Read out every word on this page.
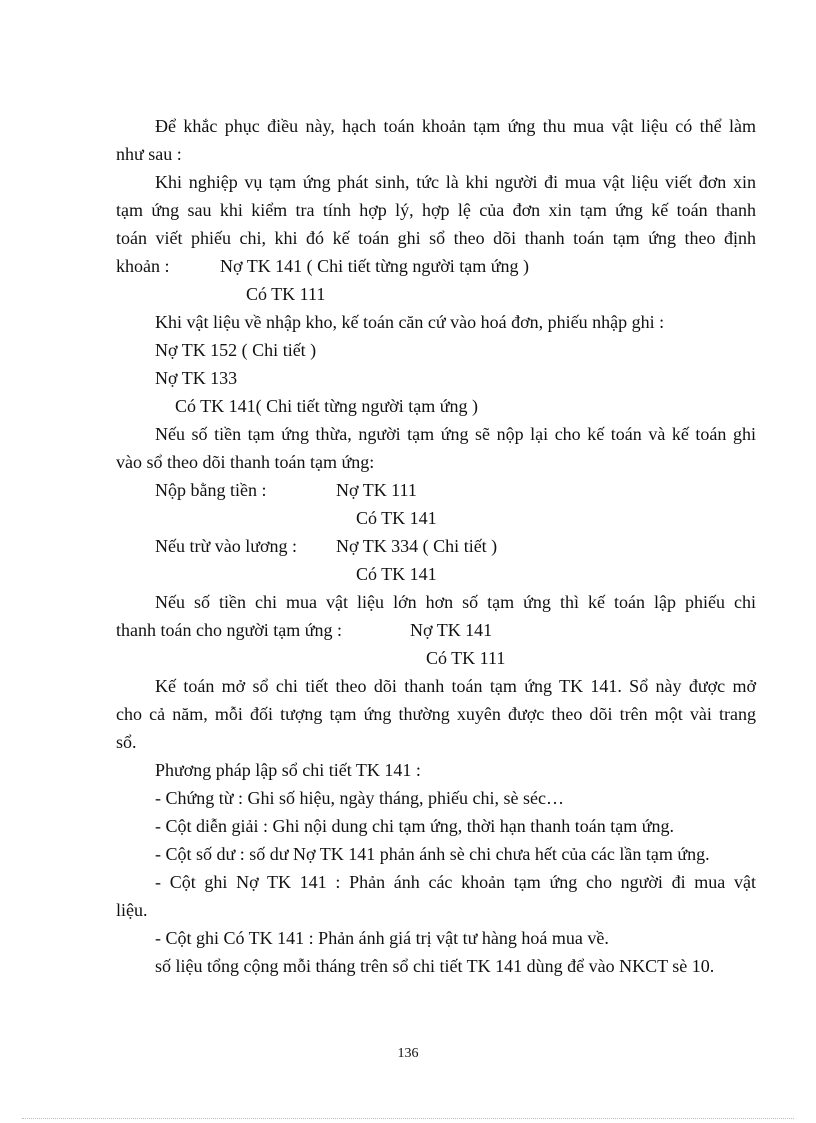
Để khắc phục điều này, hạch toán khoản tạm ứng thu mua vật liệu có thể làm
như sau :
Khi nghiệp vụ tạm ứng phát sinh, tức là khi người đi mua vật liệu viết đơn xin
tạm ứng sau khi kiểm tra tính hợp lý, hợp lệ của đơn xin tạm ứng kế toán thanh
toán viết phiếu chi, khi đó kế toán ghi sổ theo dõi thanh toán tạm ứng theo định
khoản :	Nợ TK 141 ( Chi tiết từng người tạm ứng )
Có TK 111
Khi vật liệu về nhập kho, kế toán căn cứ vào hoá đơn, phiếu nhập ghi :
Nợ TK 152 ( Chi tiết )
Nợ TK 133
Có TK 141( Chi tiết từng người tạm ứng )
Nếu số tiền tạm ứng thừa, người tạm ứng sẽ nộp lại cho kế toán và kế toán ghi
vào sổ theo dõi thanh toán tạm ứng:
Nộp bằng tiền :	Nợ TK 111
Có TK 141
Nếu trừ vào lương : Nợ TK 334 ( Chi tiết )
Có TK 141
Nếu số tiền chi mua vật liệu lớn hơn số tạm ứng thì kế toán lập phiếu chi
thanh toán cho người tạm ứng :	Nợ TK 141
Có TK 111
Kế toán mở sổ chi tiết theo dõi thanh toán tạm ứng TK 141. Sổ này được mở
cho cả năm, mỗi đối tượng tạm ứng thường xuyên được theo dõi trên một vài trang
sổ.
Phương pháp lập sổ chi tiết TK 141 :
- Chứng từ : Ghi số hiệu, ngày tháng, phiếu chi, sè séc…
- Cột diễn giải : Ghi nội dung chi tạm ứng, thời hạn thanh toán tạm ứng.
- Cột số dư : số dư Nợ TK 141 phản ánh sè chi chưa hết của các lần tạm ứng.
- Cột ghi Nợ TK 141 : Phản ánh các khoản tạm ứng cho người đi mua vật
liệu.
- Cột ghi Có TK 141 : Phản ánh giá trị vật tư hàng hoá mua về.
số liệu tổng cộng mỗi tháng trên sổ chi tiết TK 141 dùng để vào NKCT sè 10.
136
